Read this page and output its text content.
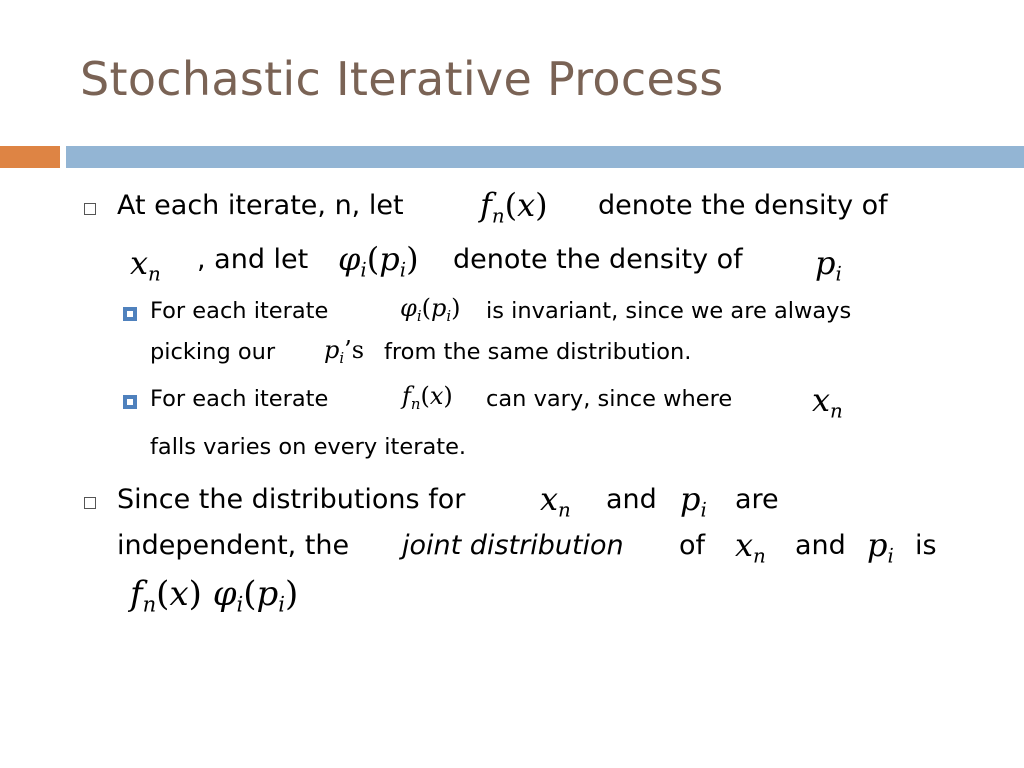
Stochastic Iterative Process
At each iterate, n, let $f_n(x)$ denote the density of
$x_n$ , and let $\varphi_i(p_i)$ denote the density of $p_i$
For each iterate	$\varphi_i(p_i)$ is invariant, since we are always
picking our $p_i’s$ from the same distribution.
For each iterate	$f_n(x)$ can vary, since where $x_n$
falls varies on every iterate.
Since the distributions for $x_n$ and $p_i$ are
independent, the joint distribution of $x_n$ and $p_i$ is
$f_n(x)$ $\varphi_i(p_i)$
